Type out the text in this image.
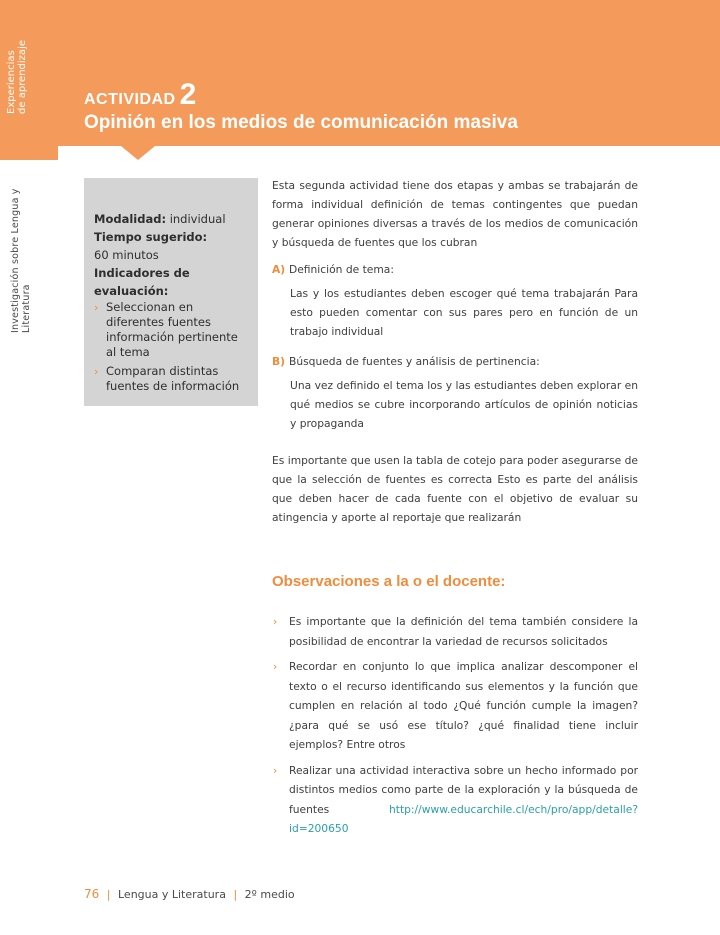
Experiencias
de aprendizaje
Investigación sobre Lengua y Literatura
ACTIVIDAD 2
Opinión en los medios de comunicación masiva
Modalidad: individual
Tiempo sugerido:
60 minutos
Indicadores de evaluación:
› Seleccionan en diferentes fuentes información pertinente al tema
› Comparan distintas fuentes de información

Esta segunda actividad tiene dos etapas y ambas se trabajarán de forma individual definición de temas contingentes que puedan generar opiniones diversas a través de los medios de comunicación y búsqueda de fuentes que los cubran

A) Definición de tema:

Las y los estudiantes deben escoger qué tema trabajarán Para esto pueden comentar con sus pares pero en función de un trabajo individual

B) Búsqueda de fuentes y análisis de pertinencia:

Una vez definido el tema los y las estudiantes deben explorar en qué medios se cubre incorporando artículos de opinión noticias y propaganda

Es importante que usen la tabla de cotejo para poder asegurarse de que la selección de fuentes es correcta Esto es parte del análisis que deben hacer de cada fuente con el objetivo de evaluar su atingencia y aporte al reportaje que realizarán

Observaciones a la o el docente:
› Es importante que la definición del tema también considere la posibilidad de encontrar la variedad de recursos solicitados
› Recordar en conjunto lo que implica analizar descomponer el texto o el recurso identificando sus elementos y la función que cumplen en relación al todo ¿Qué función cumple la imagen? ¿para qué se usó ese título? ¿qué finalidad tiene incluir ejemplos? Entre otros
› Realizar una actividad interactiva sobre un hecho informado por distintos medios como parte de la exploración y la búsqueda de fuentes http://www.educarchile.cl/ech/pro/app/detalle?id=200650
76 | Lengua y Literatura | 2º medio
